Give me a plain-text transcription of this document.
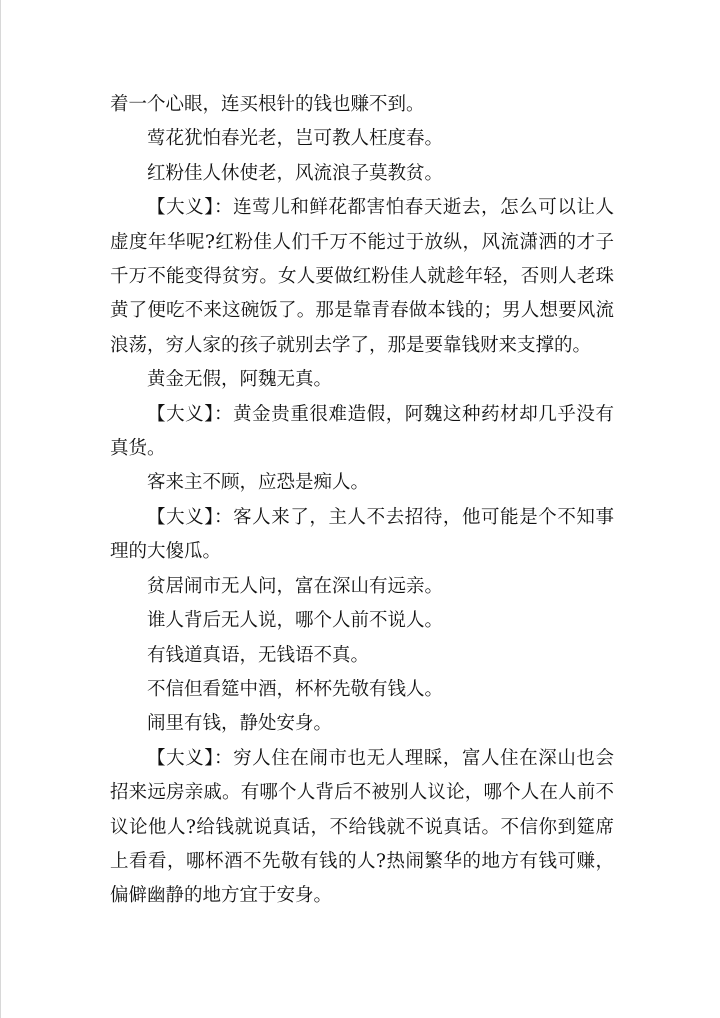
着一个心眼，连买根针的钱也赚不到。

莺花犹怕春光老，岂可教人枉度春。

红粉佳人休使老，风流浪子莫教贫。

【大义】：连莺儿和鲜花都害怕春天逝去，怎么可以让人虚度年华呢?红粉佳人们千万不能过于放纵，风流潇洒的才子千万不能变得贫穷。女人要做红粉佳人就趁年轻，否则人老珠黄了便吃不来这碗饭了。那是靠青春做本钱的；男人想要风流浪荡，穷人家的孩子就别去学了，那是要靠钱财来支撑的。

黄金无假，阿魏无真。

【大义】：黄金贵重很难造假，阿魏这种药材却几乎没有真货。

客来主不顾，应恐是痴人。

【大义】：客人来了，主人不去招待，他可能是个不知事理的大傻瓜。

贫居闹市无人问，富在深山有远亲。

谁人背后无人说，哪个人前不说人。

有钱道真语，无钱语不真。

不信但看筵中酒，杯杯先敬有钱人。

闹里有钱，静处安身。

【大义】：穷人住在闹市也无人理睬，富人住在深山也会招来远房亲戚。有哪个人背后不被别人议论，哪个人在人前不议论他人?给钱就说真话，不给钱就不说真话。不信你到筵席上看看，哪杯酒不先敬有钱的人?热闹繁华的地方有钱可赚，偏僻幽静的地方宜于安身。
